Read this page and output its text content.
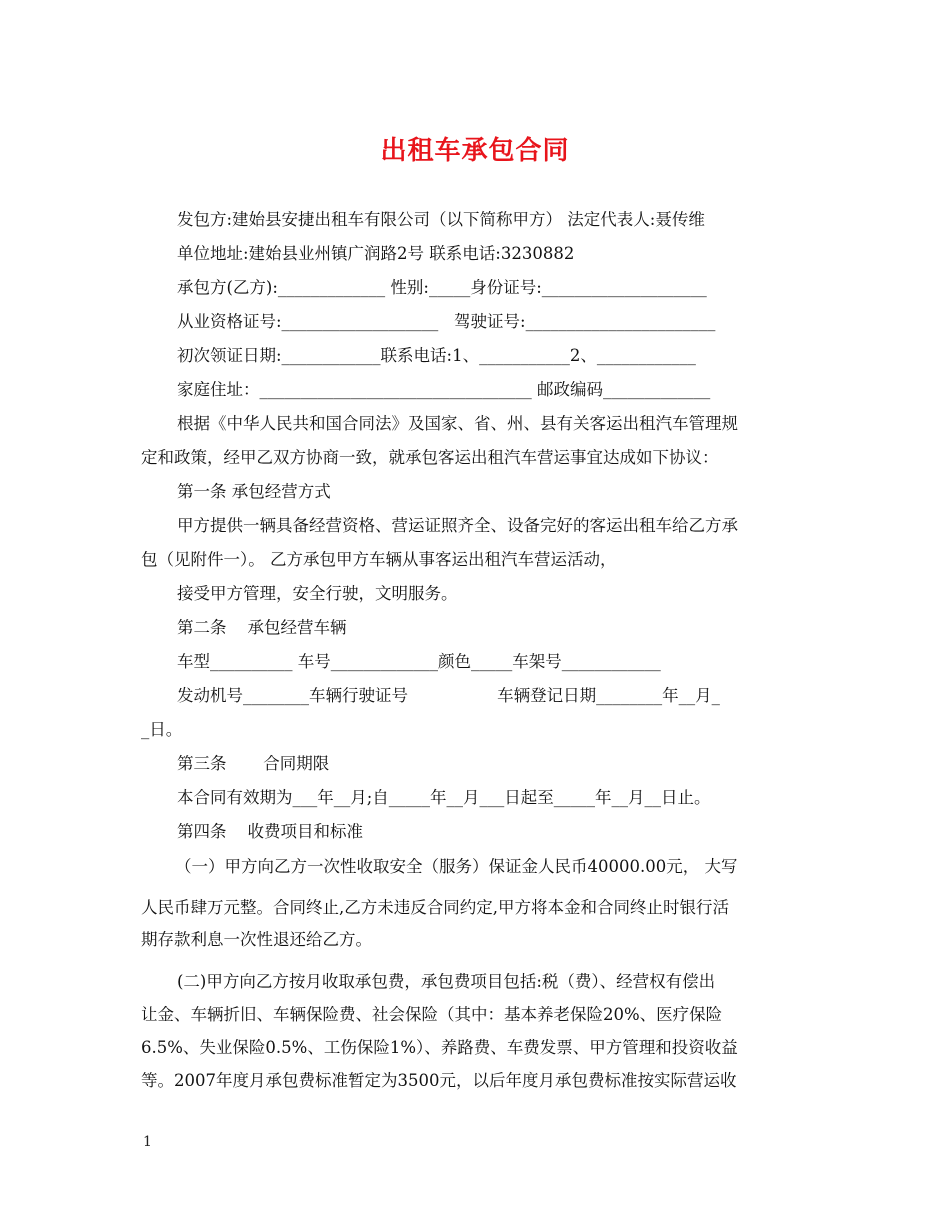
出租车承包合同
发包方:建始县安捷出租车有限公司（以下简称甲方） 法定代表人:聂传维
单位地址:建始县业州镇广润路2号 联系电话:3230882
承包方(乙方):_____________ 性别:_____身份证号:____________________
从业资格证号:___________________   驾驶证号:_______________________
初次领证日期:____________联系电话:1、___________2、____________
家庭住址：_________________________________ 邮政编码_____________
根据《中华人民共和国合同法》及国家、省、州、县有关客运出租汽车管理规
定和政策，经甲乙双方协商一致，就承包客运出租汽车营运事宜达成如下协议：
第一条 承包经营方式
甲方提供一辆具备经营资格、营运证照齐全、设备完好的客运出租车给乙方承
包（见附件一）。 乙方承包甲方车辆从事客运出租汽车营运活动，
接受甲方管理，安全行驶，文明服务。
第二条    承包经营车辆
车型__________ 车号_____________颜色_____车架号____________
发动机号________车辆行驶证号                 车辆登记日期________年__月_
_日。
第三条       合同期限
本合同有效期为___年__月;自_____年__月___日起至_____年__月__日止。
第四条    收费项目和标准
（一）甲方向乙方一次性收取安全（服务）保证金人民币40000.00元， 大写
人民币肆万元整。合同终止,乙方未违反合同约定,甲方将本金和合同终止时银行活
期存款利息一次性退还给乙方。
(二)甲方向乙方按月收取承包费，承包费项目包括:税（费）、经营权有偿出
让金、车辆折旧、车辆保险费、社会保险（其中：基本养老保险20%、医疗保险
6.5%、失业保险0.5%、工伤保险1%）、养路费、车费发票、甲方管理和投资收益
等。2007年度月承包费标准暂定为3500元，以后年度月承包费标准按实际营运收
1
